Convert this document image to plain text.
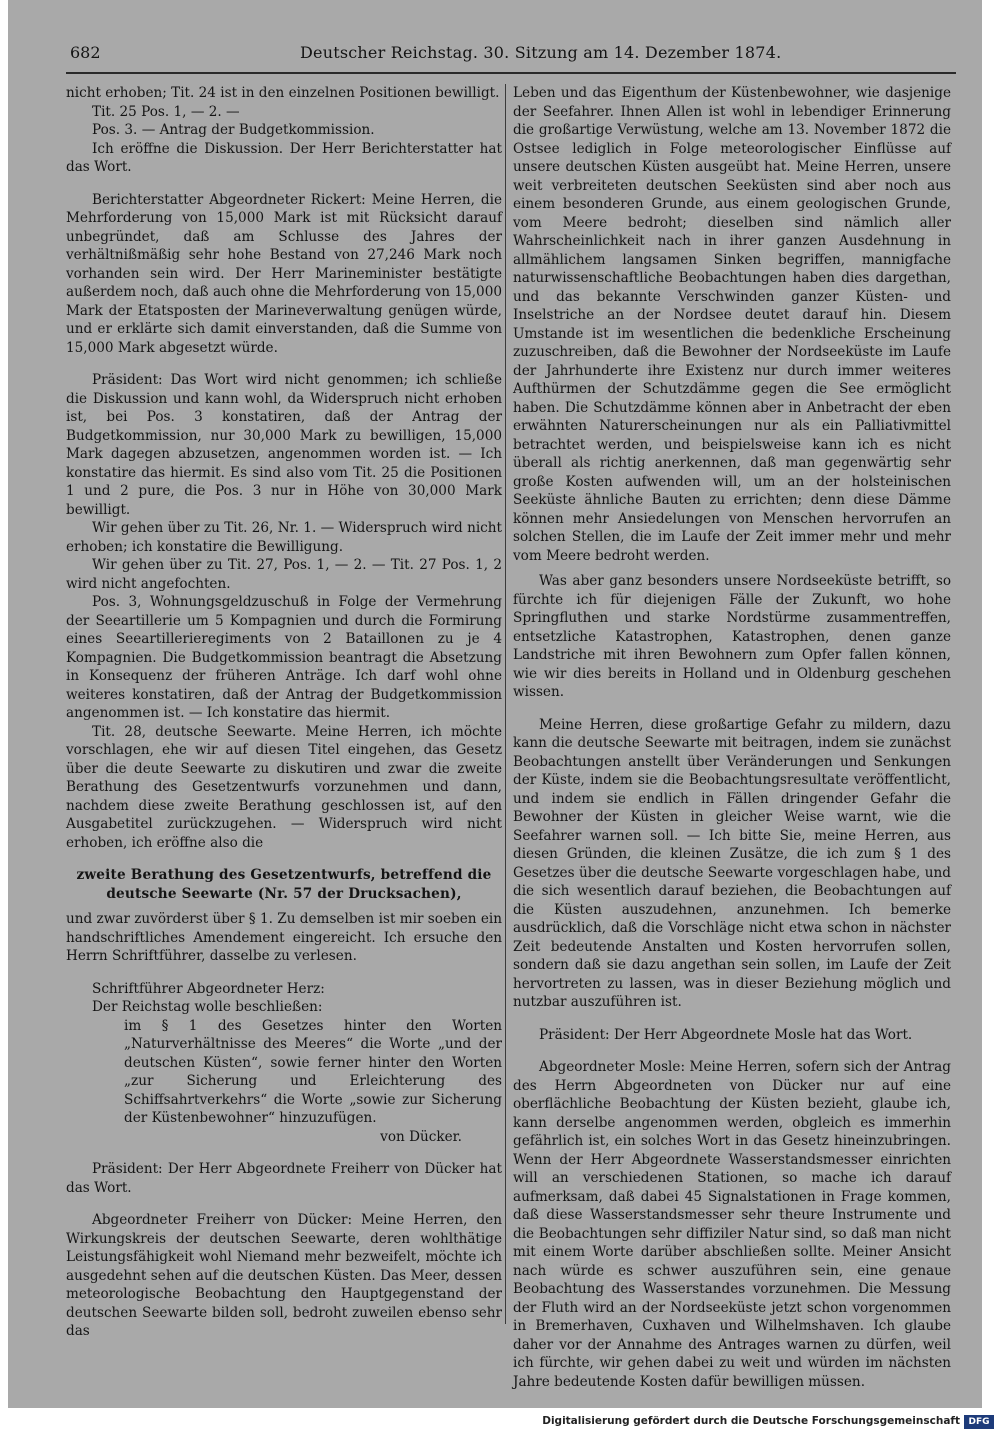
682	Deutscher Reichstag. 30. Sitzung am 14. Dezember 1874.

nicht erhoben; Tit. 24 ist in den einzelnen Positionen bewilligt.

Tit. 25 Pos. 1, — 2. —

Pos. 3. — Antrag der Budgetkommission.

Ich eröffne die Diskussion. Der Herr Berichterstatter hat das Wort.

Berichterstatter Abgeordneter Rickert: Meine Herren, die Mehrforderung von 15,000 Mark ist mit Rücksicht darauf unbegründet, daß am Schlusse des Jahres der verhältnißmäßig sehr hohe Bestand von 27,246 Mark noch vorhanden sein wird. Der Herr Marineminister bestätigte außerdem noch, daß auch ohne die Mehrforderung von 15,000 Mark der Etatsposten der Marineverwaltung genügen würde, und er erklärte sich damit einverstanden, daß die Summe von 15,000 Mark abgesetzt würde.

Präsident: Das Wort wird nicht genommen; ich schließe die Diskussion und kann wohl, da Widerspruch nicht erhoben ist, bei Pos. 3 konstatiren, daß der Antrag der Budgetkommission, nur 30,000 Mark zu bewilligen, 15,000 Mark dagegen abzusetzen, angenommen worden ist. — Ich konstatire das hiermit. Es sind also vom Tit. 25 die Positionen 1 und 2 pure, die Pos. 3 nur in Höhe von 30,000 Mark bewilligt.

Wir gehen über zu Tit. 26, Nr. 1. — Widerspruch wird nicht erhoben; ich konstatire die Bewilligung.

Wir gehen über zu Tit. 27, Pos. 1, — 2. — Tit. 27 Pos. 1, 2 wird nicht angefochten.

Pos. 3, Wohnungsgeldzuschuß in Folge der Vermehrung der Seeartillerie um 5 Kompagnien und durch die Formirung eines Seeartillerieregiments von 2 Bataillonen zu je 4 Kompagnien. Die Budgetkommission beantragt die Absetzung in Konsequenz der früheren Anträge. Ich darf wohl ohne weiteres konstatiren, daß der Antrag der Budgetkommission angenommen ist. — Ich konstatire das hiermit.

Tit. 28, deutsche Seewarte. Meine Herren, ich möchte vorschlagen, ehe wir auf diesen Titel eingehen, das Gesetz über die deute Seewarte zu diskutiren und zwar die zweite Berathung des Gesetzentwurfs vorzunehmen und dann, nachdem diese zweite Berathung geschlossen ist, auf den Ausgabetitel zurückzugehen. — Widerspruch wird nicht erhoben, ich eröffne also die

zweite Berathung des Gesetzentwurfs, betreffend die deutsche Seewarte (Nr. 57 der Drucksachen),

und zwar zuvörderst über § 1. Zu demselben ist mir soeben ein handschriftliches Amendement eingereicht. Ich ersuche den Herrn Schriftführer, dasselbe zu verlesen.

Schriftführer Abgeordneter Herz:

Der Reichstag wolle beschließen:

im § 1 des Gesetzes hinter den Worten „Naturverhältnisse des Meeres“ die Worte „und der deutschen Küsten“, sowie ferner hinter den Worten „zur Sicherung und Erleichterung des Schiffsahrtverkehrs“ die Worte „sowie zur Sicherung der Küstenbewohner“ hinzuzufügen.

von Dücker.

Präsident: Der Herr Abgeordnete Freiherr von Dücker hat das Wort.

Abgeordneter Freiherr von Dücker: Meine Herren, den Wirkungskreis der deutschen Seewarte, deren wohlthätige Leistungsfähigkeit wohl Niemand mehr bezweifelt, möchte ich ausgedehnt sehen auf die deutschen Küsten. Das Meer, dessen meteorologische Beobachtung den Hauptgegenstand der deutschen Seewarte bilden soll, bedroht zuweilen ebenso sehr das

Leben und das Eigenthum der Küstenbewohner, wie dasjenige der Seefahrer. Ihnen Allen ist wohl in lebendiger Erinnerung die großartige Verwüstung, welche am 13. November 1872 die Ostsee lediglich in Folge meteorologischer Einflüsse auf unsere deutschen Küsten ausgeübt hat. Meine Herren, unsere weit verbreiteten deutschen Seeküsten sind aber noch aus einem besonderen Grunde, aus einem geologischen Grunde, vom Meere bedroht; dieselben sind nämlich aller Wahrscheinlichkeit nach in ihrer ganzen Ausdehnung in allmählichem langsamen Sinken begriffen, mannigfache naturwissenschaftliche Beobachtungen haben dies dargethan, und das bekannte Verschwinden ganzer Küsten- und Inselstriche an der Nordsee deutet darauf hin. Diesem Umstande ist im wesentlichen die bedenkliche Erscheinung zuzuschreiben, daß die Bewohner der Nordseeküste im Laufe der Jahrhunderte ihre Existenz nur durch immer weiteres Aufthürmen der Schutzdämme gegen die See ermöglicht haben. Die Schutzdämme können aber in Anbetracht der eben erwähnten Naturerscheinungen nur als ein Palliativmittel betrachtet werden, und beispielsweise kann ich es nicht überall als richtig anerkennen, daß man gegenwärtig sehr große Kosten aufwenden will, um an der holsteinischen Seeküste ähnliche Bauten zu errichten; denn diese Dämme können mehr Ansiedelungen von Menschen hervorrufen an solchen Stellen, die im Laufe der Zeit immer mehr und mehr vom Meere bedroht werden.

Was aber ganz besonders unsere Nordseeküste betrifft, so fürchte ich für diejenigen Fälle der Zukunft, wo hohe Springfluthen und starke Nordstürme zusammentreffen, entsetzliche Katastrophen, Katastrophen, denen ganze Landstriche mit ihren Bewohnern zum Opfer fallen können, wie wir dies bereits in Holland und in Oldenburg geschehen wissen.

Meine Herren, diese großartige Gefahr zu mildern, dazu kann die deutsche Seewarte mit beitragen, indem sie zunächst Beobachtungen anstellt über Veränderungen und Senkungen der Küste, indem sie die Beobachtungsresultate veröffentlicht, und indem sie endlich in Fällen dringender Gefahr die Bewohner der Küsten in gleicher Weise warnt, wie die Seefahrer warnen soll. — Ich bitte Sie, meine Herren, aus diesen Gründen, die kleinen Zusätze, die ich zum § 1 des Gesetzes über die deutsche Seewarte vorgeschlagen habe, und die sich wesentlich darauf beziehen, die Beobachtungen auf die Küsten auszudehnen, anzunehmen. Ich bemerke ausdrücklich, daß die Vorschläge nicht etwa schon in nächster Zeit bedeutende Anstalten und Kosten hervorrufen sollen, sondern daß sie dazu angethan sein sollen, im Laufe der Zeit hervortreten zu lassen, was in dieser Beziehung möglich und nutzbar auszuführen ist.

Präsident: Der Herr Abgeordnete Mosle hat das Wort.

Abgeordneter Mosle: Meine Herren, sofern sich der Antrag des Herrn Abgeordneten von Dücker nur auf eine oberflächliche Beobachtung der Küsten bezieht, glaube ich, kann derselbe angenommen werden, obgleich es immerhin gefährlich ist, ein solches Wort in das Gesetz hineinzubringen. Wenn der Herr Abgeordnete Wasserstandsmesser einrichten will an verschiedenen Stationen, so mache ich darauf aufmerksam, daß dabei 45 Signalstationen in Frage kommen, daß diese Wasserstandsmesser sehr theure Instrumente und die Beobachtungen sehr diffiziler Natur sind, so daß man nicht mit einem Worte darüber abschließen sollte. Meiner Ansicht nach würde es schwer auszuführen sein, eine genaue Beobachtung des Wasserstandes vorzunehmen. Die Messung der Fluth wird an der Nordseeküste jetzt schon vorgenommen in Bremerhaven, Cuxhaven und Wilhelmshaven. Ich glaube daher vor der Annahme des Antrages warnen zu dürfen, weil ich fürchte, wir gehen dabei zu weit und würden im nächsten Jahre bedeutende Kosten dafür bewilligen müssen.

Digitalisierung gefördert durch die Deutsche Forschungsgemeinschaft DFG
